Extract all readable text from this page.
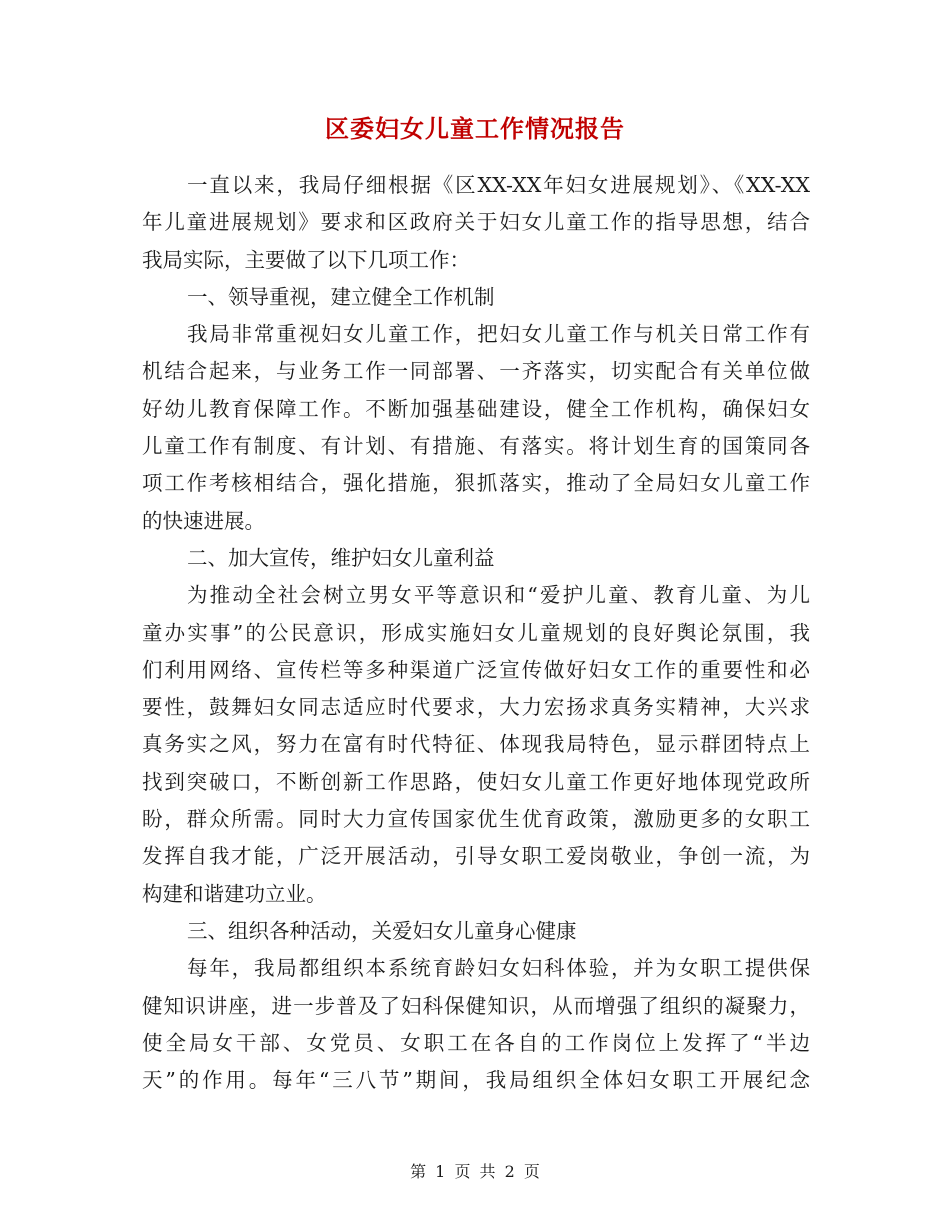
区委妇女儿童工作情况报告
一直以来，我局仔细根据《区XX-XX年妇女进展规划》、《XX-XX
年儿童进展规划》要求和区政府关于妇女儿童工作的指导思想，结合
我局实际，主要做了以下几项工作：
一、领导重视，建立健全工作机制
我局非常重视妇女儿童工作，把妇女儿童工作与机关日常工作有
机结合起来，与业务工作一同部署、一齐落实，切实配合有关单位做
好幼儿教育保障工作。不断加强基础建设，健全工作机构，确保妇女
儿童工作有制度、有计划、有措施、有落实。将计划生育的国策同各
项工作考核相结合，强化措施，狠抓落实，推动了全局妇女儿童工作
的快速进展。
二、加大宣传，维护妇女儿童利益
为推动全社会树立男女平等意识和“爱护儿童、教育儿童、为儿
童办实事”的公民意识，形成实施妇女儿童规划的良好舆论氛围，我
们利用网络、宣传栏等多种渠道广泛宣传做好妇女工作的重要性和必
要性，鼓舞妇女同志适应时代要求，大力宏扬求真务实精神，大兴求
真务实之风，努力在富有时代特征、体现我局特色，显示群团特点上
找到突破口，不断创新工作思路，使妇女儿童工作更好地体现党政所
盼，群众所需。同时大力宣传国家优生优育政策，激励更多的女职工
发挥自我才能，广泛开展活动，引导女职工爱岗敬业，争创一流，为
构建和谐建功立业。
三、组织各种活动，关爱妇女儿童身心健康
每年，我局都组织本系统育龄妇女妇科体验，并为女职工提供保
健知识讲座，进一步普及了妇科保健知识，从而增强了组织的凝聚力，
使全局女干部、女党员、女职工在各自的工作岗位上发挥了“半边
天”的作用。每年“三八节”期间，我局组织全体妇女职工开展纪念
第 1 页 共 2 页
